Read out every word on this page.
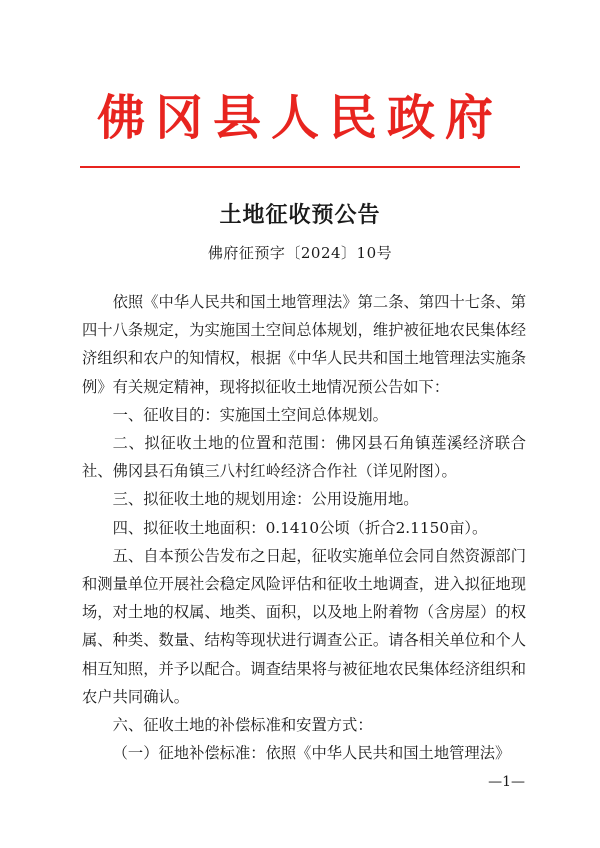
佛冈县人民政府
土地征收预公告
佛府征预字〔2024〕10号

依照《中华人民共和国土地管理法》第二条、第四十七条、第四十八条规定，为实施国土空间总体规划，维护被征地农民集体经济组织和农户的知情权，根据《中华人民共和国土地管理法实施条例》有关规定精神，现将拟征收土地情况预公告如下：

一、征收目的：实施国土空间总体规划。

二、拟征收土地的位置和范围：佛冈县石角镇莲溪经济联合社、佛冈县石角镇三八村红岭经济合作社（详见附图）。

三、拟征收土地的规划用途：公用设施用地。

四、拟征收土地面积：0.1410公顷（折合2.1150亩）。

五、自本预公告发布之日起，征收实施单位会同自然资源部门和测量单位开展社会稳定风险评估和征收土地调查，进入拟征地现场，对土地的权属、地类、面积，以及地上附着物（含房屋）的权属、种类、数量、结构等现状进行调查公正。请各相关单位和个人相互知照，并予以配合。调查结果将与被征地农民集体经济组织和农户共同确认。

六、征收土地的补偿标准和安置方式：

（一）征地补偿标准：依照《中华人民共和国土地管理法》

—1—
